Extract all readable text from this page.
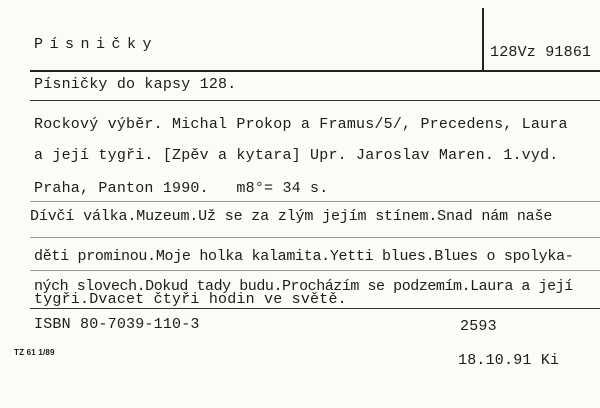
Písničky	128Vz 91861
Písničky do kapsy 128.
Rockový výběr. Michal Prokop a Framus/5/, Precedens, Laura
a její tygři. [Zpěv a kytara] Upr. Jaroslav Maren. 1.vyd.
Praha, Panton 1990.   m8°= 34 s.
Dívčí válka.Muzeum.Už se za zlým jejím stínem.Snad nám naše
děti prominou.Moje holka kalamita.Yetti blues.Blues o spolyka-
ných slovech.Dokud tady budu.Procházím se podzemím.Laura a její
tygři.Dvacet čtyři hodin ve světě.
ISBN 80-7039-110-3	2593
TZ 61 1/89	18.10.91 Ki
